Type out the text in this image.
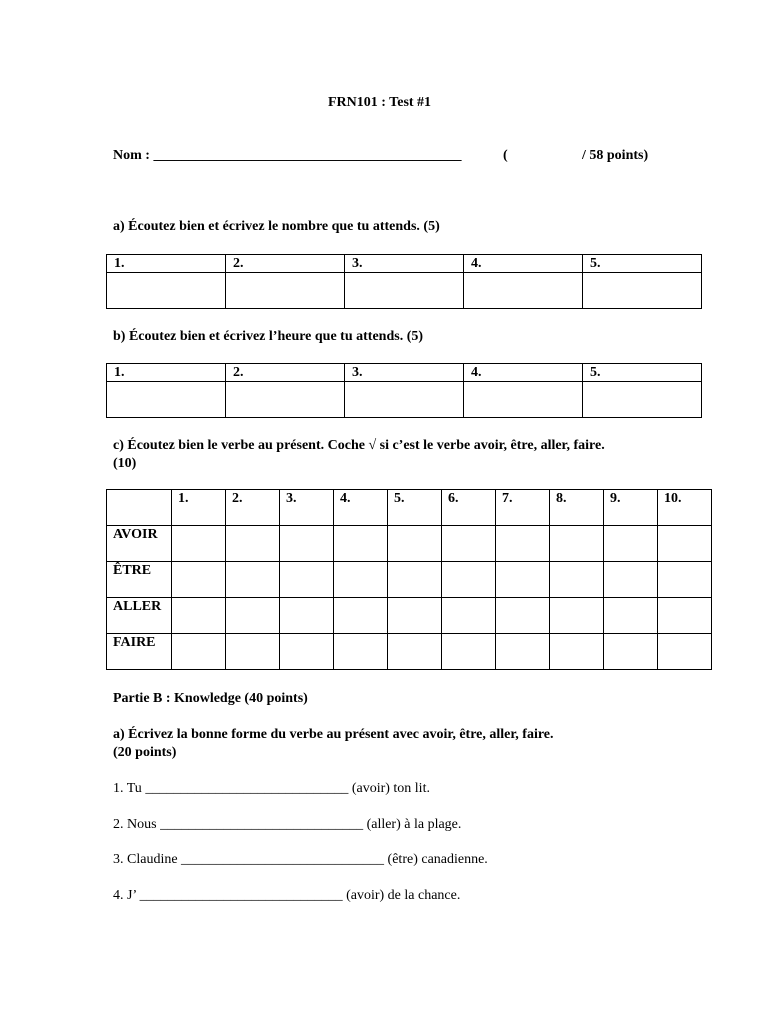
FRN101 : Test #1
Nom : ____________________________________________	(	/ 58 points)
a) Écoutez bien et écrivez le nombre que tu attends. (5)
1.	2.	3.	4.	5.

b) Écoutez bien et écrivez l’heure que tu attends. (5)
1.	2.	3.	4.	5.

c) Écoutez bien le verbe au présent. Coche √ si c’est le verbe avoir, être, aller, faire.
(10)
	1.	2.	3.	4.	5.	6.	7.	8.	9.	10.
AVOIR										
ÊTRE										
ALLER										
FAIRE										
Partie B : Knowledge (40 points)
a) Écrivez la bonne forme du verbe au présent avec avoir, être, aller, faire.
(20 points)
1. Tu _____________________________ (avoir) ton lit.
2. Nous _____________________________ (aller) à la plage.
3. Claudine _____________________________ (être) canadienne.
4. J’ _____________________________ (avoir) de la chance.
